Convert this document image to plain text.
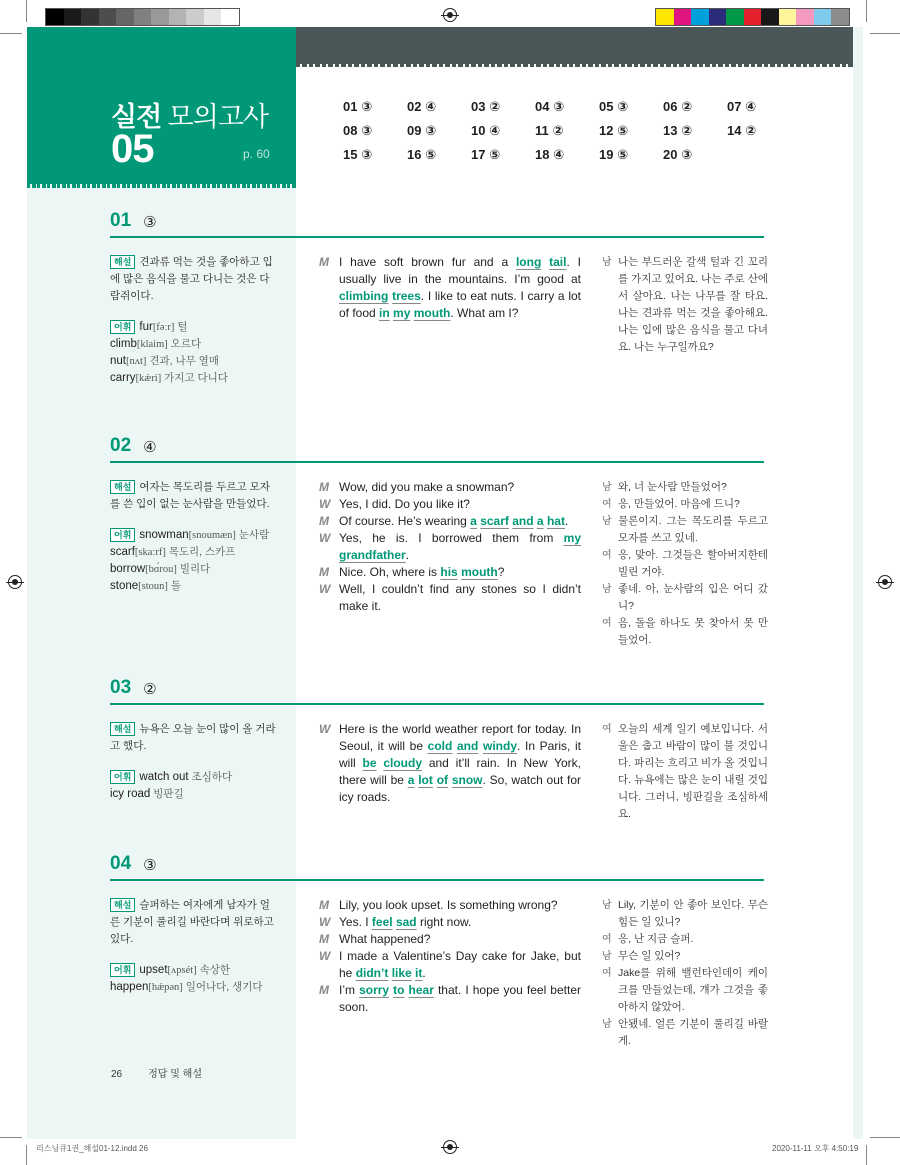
실전 모의고사
05	p. 60
01 ③	02 ④	03 ②	04 ③	05 ③	06 ②	07 ④
08 ③	09 ③	10 ④	11 ②	12 ⑤	13 ②	14 ②
15 ③	16 ⑤	17 ⑤	18 ④	19 ⑤	20 ③
01 ③
해설 견과류 먹는 것을 좋아하고 입에 많은 음식을 물고 다니는 것은 다람쥐이다.
어휘 fur[fəːr] 털
climb[klaim] 오르다
nut[nʌt] 견과, 나무 열매
carry[kǽri] 가지고 다니다
M I have soft brown fur and a long tail. I usually live in the mountains. I’m good at climbing trees. I like to eat nuts. I carry a lot of food in my mouth. What am I?
남 나는 부드러운 갈색 털과 긴 꼬리를 가지고 있어요. 나는 주로 산에서 살아요. 나는 나무를 잘 타요. 나는 견과류 먹는 것을 좋아해요. 나는 입에 많은 음식을 물고 다녀요. 나는 누구일까요?
02 ④
해설 여자는 목도리를 두르고 모자를 쓴 입이 없는 눈사람을 만들었다.
어휘 snowman[snoumæn] 눈사람
scarf[skaːrf] 목도리, 스카프
borrow[bɑ́rou] 빌리다
stone[stoun] 돌
M Wow, did you make a snowman?
W Yes, I did. Do you like it?
M Of course. He’s wearing a scarf and a hat.
W Yes, he is. I borrowed them from my grandfather.
M Nice. Oh, where is his mouth?
W Well, I couldn’t find any stones so I didn’t make it.
남 와, 너 눈사람 만들었어?
여 응, 만들었어. 마음에 드니?
남 물론이지. 그는 목도리를 두르고 모자를 쓰고 있네.
여 응, 맞아. 그것들은 할아버지한테 빌린 거야.
남 좋네. 아, 눈사람의 입은 어디 갔니?
여 음, 돌을 하나도 못 찾아서 못 만들었어.
03 ②
해설 뉴욕은 오늘 눈이 많이 올 거라고 했다.
어휘 watch out 조심하다
icy road 빙판길
W Here is the world weather report for today. In Seoul, it will be cold and windy. In Paris, it will be cloudy and it’ll rain. In New York, there will be a lot of snow. So, watch out for icy roads.
여 오늘의 세계 일기 예보입니다. 서울은 춥고 바람이 많이 불 것입니다. 파리는 흐리고 비가 올 것입니다. 뉴욕에는 많은 눈이 내릴 것입니다. 그러니, 빙판길을 조심하세요.
04 ③
해설 슬퍼하는 여자에게 남자가 얼른 기분이 풀리길 바란다며 위로하고 있다.
어휘 upset[ʌpsét] 속상한
happen[hǽpən] 일어나다, 생기다
M Lily, you look upset. Is something wrong?
W Yes. I feel sad right now.
M What happened?
W I made a Valentine’s Day cake for Jake, but he didn’t like it.
M I’m sorry to hear that. I hope you feel better soon.
남 Lily, 기분이 안 좋아 보인다. 무슨 힘든 일 있니?
여 응, 난 지금 슬퍼.
남 무슨 일 있어?
여 Jake를 위해 밸런타인데이 케이크를 만들었는데, 걔가 그것을 좋아하지 않았어.
남 안됐네. 얼른 기분이 풀리길 바랄게.
26	정답 및 해설
리스닝큐1권_해설01-12.indd 26	2020-11-11 오후 4:50:19
